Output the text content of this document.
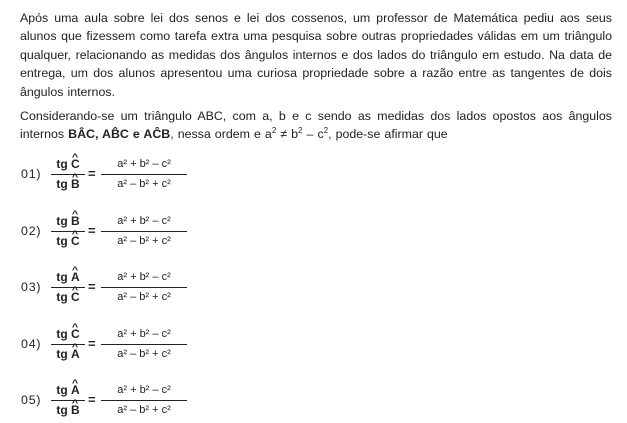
Após uma aula sobre lei dos senos e lei dos cossenos, um professor de Matemática pediu aos seus alunos que fizessem como tarefa extra uma pesquisa sobre outras propriedades válidas em um triângulo qualquer, relacionando as medidas dos ângulos internos e dos lados do triângulo em estudo. Na data de entrega, um dos alunos apresentou uma curiosa propriedade sobre a razão entre as tangentes de dois ângulos internos.
Considerando-se um triângulo ABC, com a, b e c sendo as medidas dos lados opostos aos ângulos internos BÂC, AB̂C e AĈB, nessa ordem e $a^2 \ne b^2 - c^2$, pode-se afirmar que
01)
tg ^ C
tg ^ B
=
a² + b² – c²
a² – b² + c²
02)
tg ^ B
tg ^ C
=
a² + b² – c²
a² – b² + c²
03)
tg ^ A
tg ^ C
=
a² + b² – c²
a² – b² + c²
04)
tg ^ C
tg ^ A
=
a² + b² – c²
a² – b² + c²
05)
tg ^ A
tg ^ B
=
a² + b² – c²
a² – b² + c²
